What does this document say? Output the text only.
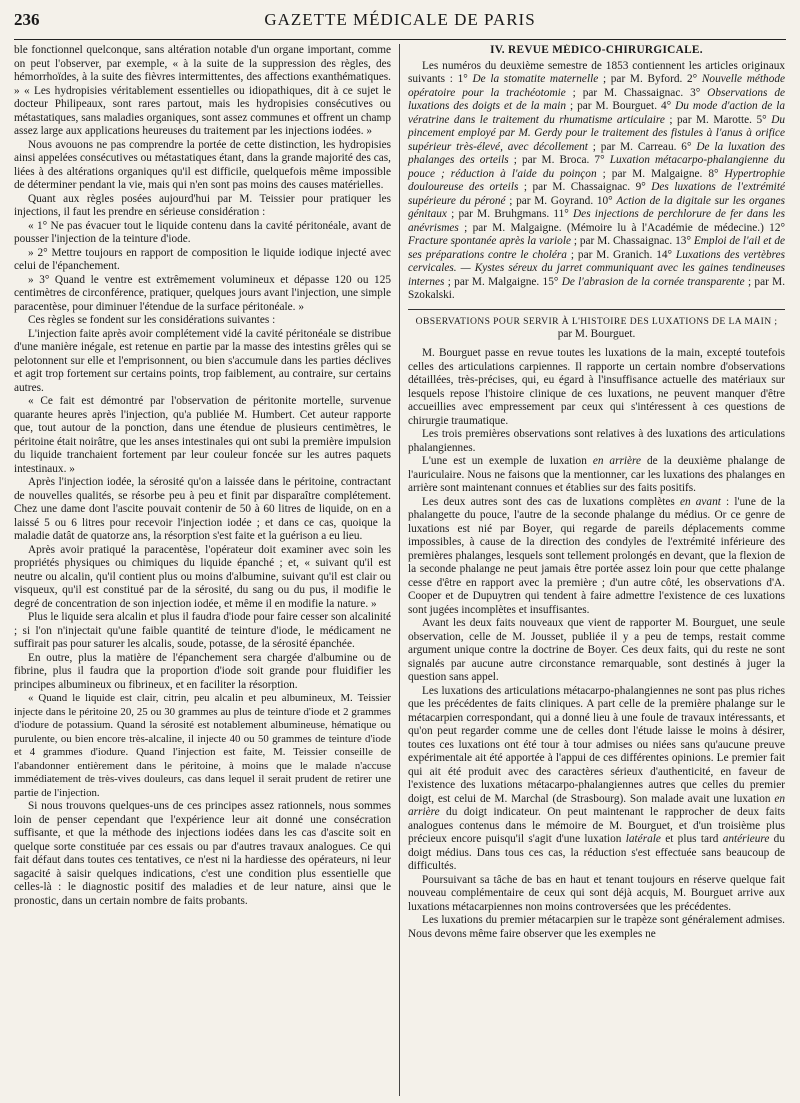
236	GAZETTE MÉDICALE DE PARIS

ble fonctionnel quelconque, sans altération notable d'un organe important, comme on peut l'observer, par exemple, « à la suite de la suppression des règles, des hémorrhoïdes, à la suite des fièvres intermittentes, des affections exanthématiques. » « Les hydropisies véritablement essentielles ou idiopathiques, dit à ce sujet le docteur Philipeaux, sont rares partout, mais les hydropisies consécutives ou métastatiques, sans maladies organiques, sont assez communes et offrent un champ assez large aux applications heureuses du traitement par les injections iodées. »

Nous avouons ne pas comprendre la portée de cette distinction, les hydropisies ainsi appelées consécutives ou métastatiques étant, dans la grande majorité des cas, liées à des altérations organiques qu'il est difficile, quelquefois même impossible de déterminer pendant la vie, mais qui n'en sont pas moins des causes matérielles.

Quant aux règles posées aujourd'hui par M. Teissier pour pratiquer les injections, il faut les prendre en sérieuse considération :

« 1° Ne pas évacuer tout le liquide contenu dans la cavité péritonéale, avant de pousser l'injection de la teinture d'iode.

» 2° Mettre toujours en rapport de composition le liquide iodique injecté avec celui de l'épanchement.

» 3° Quand le ventre est extrêmement volumineux et dépasse 120 ou 125 centimètres de circonférence, pratiquer, quelques jours avant l'injection, une simple paracentèse, pour diminuer l'étendue de la surface péritonéale. »

Ces règles se fondent sur les considérations suivantes :

L'injection faite après avoir complétement vidé la cavité péritonéale se distribue d'une manière inégale, est retenue en partie par la masse des intestins grêles qui se pelotonnent sur elle et l'emprisonnent, ou bien s'accumule dans les parties déclives et agit trop fortement sur certains points, trop faiblement, au contraire, sur certains autres.

« Ce fait est démontré par l'observation de péritonite mortelle, survenue quarante heures après l'injection, qu'a publiée M. Humbert. Cet auteur rapporte que, tout autour de la ponction, dans une étendue de plusieurs centimètres, le péritoine était noirâtre, que les anses intestinales qui ont subi la première impulsion du liquide tranchaient fortement par leur couleur foncée sur les autres paquets intestinaux. »

Après l'injection iodée, la sérosité qu'on a laissée dans le péritoine, contractant de nouvelles qualités, se résorbe peu à peu et finit par disparaître complétement. Chez une dame dont l'ascite pouvait contenir de 50 à 60 litres de liquide, on en a laissé 5 ou 6 litres pour recevoir l'injection iodée ; et dans ce cas, quoique la maladie datât de quatorze ans, la résorption s'est faite et la guérison a eu lieu.

Après avoir pratiqué la paracentèse, l'opérateur doit examiner avec soin les propriétés physiques ou chimiques du liquide épanché ; et, « suivant qu'il est neutre ou alcalin, qu'il contient plus ou moins d'albumine, suivant qu'il est clair ou visqueux, qu'il est constitué par de la sérosité, du sang ou du pus, il modifie le degré de concentration de son injection iodée, et même il en modifie la nature. »

Plus le liquide sera alcalin et plus il faudra d'iode pour faire cesser son alcalinité ; si l'on n'injectait qu'une faible quantité de teinture d'iode, le médicament ne suffirait pas pour saturer les alcalis, soude, potasse, de la sérosité épanchée.

En outre, plus la matière de l'épanchement sera chargée d'albumine ou de fibrine, plus il faudra que la proportion d'iode soit grande pour fluidifier les principes albumineux ou fibrineux, et en faciliter la résorption.

« Quand le liquide est clair, citrin, peu alcalin et peu albumineux, M. Teissier injecte dans le péritoine 20, 25 ou 30 grammes au plus de teinture d'iode et 2 grammes d'iodure de potassium. Quand la sérosité est notablement albumineuse, hématique ou purulente, ou bien encore très-alcaline, il injecte 40 ou 50 grammes de teinture d'iode et 4 grammes d'iodure. Quand l'injection est faite, M. Teissier conseille de l'abandonner entièrement dans le péritoine, à moins que le malade n'accuse immédiatement de très-vives douleurs, cas dans lequel il serait prudent de retirer une partie de l'injection.

Si nous trouvons quelques-uns de ces principes assez rationnels, nous sommes loin de penser cependant que l'expérience leur ait donné une consécration suffisante, et que la méthode des injections iodées dans les cas d'ascite soit en quelque sorte constituée par ces essais ou par d'autres travaux analogues. Ce qui fait défaut dans toutes ces tentatives, ce n'est ni la hardiesse des opérateurs, ni leur sagacité à saisir quelques indications, c'est une condition plus essentielle que celles-là : le diagnostic positif des maladies et de leur nature, ainsi que le pronostic, dans un certain nombre de faits probants.

IV. REVUE MÉDICO-CHIRURGICALE.

Les numéros du deuxième semestre de 1853 contiennent les articles originaux suivants : 1° De la stomatite maternelle ; par M. Byford. 2° Nouvelle méthode opératoire pour la trachéotomie ; par M. Chassaignac. 3° Observations de luxations des doigts et de la main ; par M. Bourguet. 4° Du mode d'action de la vératrine dans le traitement du rhumatisme articulaire ; par M. Marotte. 5° Du pincement employé par M. Gerdy pour le traitement des fistules à l'anus à orifice supérieur très-élevé, avec décollement ; par M. Carreau. 6° De la luxation des phalanges des orteils ; par M. Broca. 7° Luxation métacarpo-phalangienne du pouce ; réduction à l'aide du poinçon ; par M. Malgaigne. 8° Hypertrophie douloureuse des orteils ; par M. Chassaignac. 9° Des luxations de l'extrémité supérieure du péroné ; par M. Goyrand. 10° Action de la digitale sur les organes génitaux ; par M. Bruhgmans. 11° Des injections de perchlorure de fer dans les anévrismes ; par M. Malgaigne. (Mémoire lu à l'Académie de médecine.) 12° Fracture spontanée après la variole ; par M. Chassaignac. 13° Emploi de l'ail et de ses préparations contre le choléra ; par M. Granich. 14° Luxations des vertèbres cervicales. — Kystes séreux du jarret communiquant avec les gaines tendineuses internes ; par M. Malgaigne. 15° De l'abrasion de la cornée transparente ; par M. Szokalski.

OBSERVATIONS POUR SERVIR À L'HISTOIRE DES LUXATIONS DE LA MAIN ;
par M. Bourguet.

M. Bourguet passe en revue toutes les luxations de la main, excepté toutefois celles des articulations carpiennes. Il rapporte un certain nombre d'observations détaillées, très-précises, qui, eu égard à l'insuffisance actuelle des matériaux sur lesquels repose l'histoire clinique de ces luxations, ne peuvent manquer d'être accueillies avec empressement par ceux qui s'intéressent à ces questions de chirurgie traumatique.

Les trois premières observations sont relatives à des luxations des articulations phalangiennes.

L'une est un exemple de luxation en arrière de la deuxième phalange de l'auriculaire. Nous ne faisons que la mentionner, car les luxations des phalanges en arrière sont maintenant connues et établies sur des faits positifs.

Les deux autres sont des cas de luxations complètes en avant : l'une de la phalangette du pouce, l'autre de la seconde phalange du médius. Or ce genre de luxations est nié par Boyer, qui regarde de pareils déplacements comme impossibles, à cause de la direction des condyles de l'extrémité inférieure des premières phalanges, lesquels sont tellement prolongés en devant, que la flexion de la seconde phalange ne peut jamais être portée assez loin pour que cette phalange cesse d'être en rapport avec la première ; d'un autre côté, les observations d'A. Cooper et de Dupuytren qui tendent à faire admettre l'existence de ces luxations sont jugées incomplètes et insuffisantes.

Avant les deux faits nouveaux que vient de rapporter M. Bourguet, une seule observation, celle de M. Jousset, publiée il y a peu de temps, restait comme argument unique contre la doctrine de Boyer. Ces deux faits, qui du reste ne sont signalés par aucune autre circonstance remarquable, sont destinés à juger la question sans appel.

Les luxations des articulations métacarpo-phalangiennes ne sont pas plus riches que les précédentes de faits cliniques. A part celle de la première phalange sur le métacarpien correspondant, qui a donné lieu à une foule de travaux intéressants, et qu'on peut regarder comme une de celles dont l'étude laisse le moins à désirer, toutes ces luxations ont été tour à tour admises ou niées sans qu'aucune preuve expérimentale ait été apportée à l'appui de ces différentes opinions. Le premier fait qui ait été produit avec des caractères sérieux d'authenticité, en faveur de l'existence des luxations métacarpo-phalangiennes autres que celles du premier doigt, est celui de M. Marchal (de Strasbourg). Son malade avait une luxation en arrière du doigt indicateur. On peut maintenant le rapprocher de deux faits analogues contenus dans le mémoire de M. Bourguet, et d'un troisième plus précieux encore puisqu'il s'agit d'une luxation latérale et plus tard antérieure du doigt médius. Dans tous ces cas, la réduction s'est effectuée sans beaucoup de difficultés.

Poursuivant sa tâche de bas en haut et tenant toujours en réserve quelque fait nouveau complémentaire de ceux qui sont déjà acquis, M. Bourguet arrive aux luxations métacarpiennes non moins controversées que les précédentes.

Les luxations du premier métacarpien sur le trapèze sont généralement admises. Nous devons même faire observer que les exemples ne
